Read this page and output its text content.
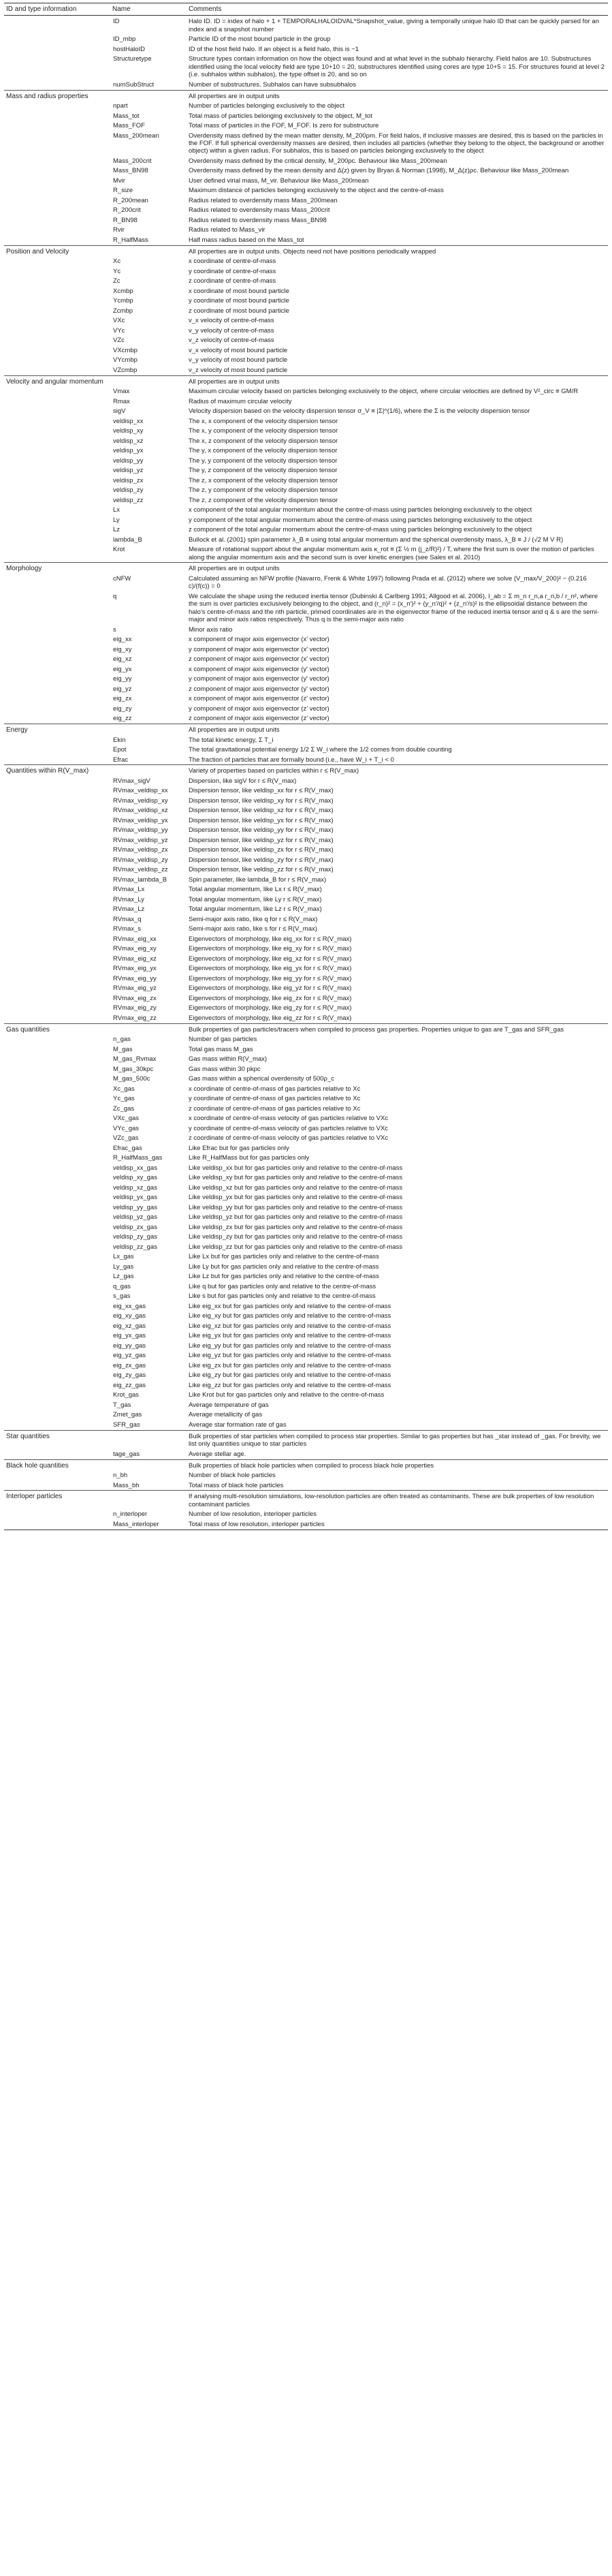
ID and type information	Name	Comments
	ID	Halo ID. ID = index of halo + 1 + TEMPORALHALOIDVAL*Snapshot_value, giving a temporally unique halo ID that can be quickly parsed for an index and a snapshot number
	ID_mbp	Particle ID of the most bound particle in the group
	hostHaloID	ID of the host field halo. If an object is a field halo, this is −1
	Structuretype	Structure types contain information on how the object was found and at what level in the subhalo hierarchy. Field halos are 10. Substructures identified using the local velocity field are type 10+10 = 20, substructures identified using cores are type 10+5 = 15. For structures found at level 2 (i.e. subhalos within subhalos), the type offset is 20, and so on
	numSubStruct	Number of substructures. Subhalos can have subsubhalos
Mass and radius properties		All properties are in output units
	npart	Number of particles belonging exclusively to the object
	Mass_tot	Total mass of particles belonging exclusively to the object, M_tot
	Mass_FOF	Total mass of particles in the FOF, M_FOF. Is zero for substructure
	Mass_200mean	Overdensity mass defined by the mean matter density, M_200ρm. For field halos, if inclusive masses are desired, this is based on the particles in the FOF. If full spherical overdensity masses are desired, then includes all particles (whether they belong to the object, the background or another object) within a given radius. For subhalos, this is based on particles belonging exclusively to the object
	Mass_200crit	Overdensity mass defined by the critical density, M_200ρc. Behaviour like Mass_200mean
	Mass_BN98	Overdensity mass defined by the mean density and Δ(z) given by Bryan & Norman (1998), M_Δ(z)ρc. Behaviour like Mass_200mean
	Mvir	User defined virial mass, M_vir. Behaviour like Mass_200mean
	R_size	Maximum distance of particles belonging exclusively to the object and the centre-of-mass
	R_200mean	Radius related to overdensity mass Mass_200mean
	R_200crit	Radius related to overdensity mass Mass_200crit
	R_BN98	Radius related to overdensity mass Mass_BN98
	Rvir	Radius related to Mass_vir
	R_HalfMass	Half mass radius based on the Mass_tot
Position and Velocity		All properties are in output units. Objects need not have positions periodically wrapped
	Xc	x coordinate of centre-of-mass
	Yc	y coordinate of centre-of-mass
	Zc	z coordinate of centre-of-mass
	Xcmbp	x coordinate of most bound particle
	Ycmbp	y coordinate of most bound particle
	Zcmbp	z coordinate of most bound particle
	VXc	v_x velocity of centre-of-mass
	VYc	v_y velocity of centre-of-mass
	VZc	v_z velocity of centre-of-mass
	VXcmbp	v_x velocity of most bound particle
	VYcmbp	v_y velocity of most bound particle
	VZcmbp	v_z velocity of most bound particle
Velocity and angular momentum		All properties are in output units
	Vmax	Maximum circular velocity based on particles belonging exclusively to the object, where circular velocities are defined by V²_circ ≡ GM/R
	Rmax	Radius of maximum circular velocity
	sigV	Velocity dispersion based on the velocity dispersion tensor σ_V ≡ |Σ|^(1/6), where the Σ is the velocity dispersion tensor
	veldisp_xx	The x, x component of the velocity dispersion tensor
	veldisp_xy	The x, y component of the velocity dispersion tensor
	veldisp_xz	The x, z component of the velocity dispersion tensor
	veldisp_yx	The y, x component of the velocity dispersion tensor
	veldisp_yy	The y, y component of the velocity dispersion tensor
	veldisp_yz	The y, z component of the velocity dispersion tensor
	veldisp_zx	The z, x component of the velocity dispersion tensor
	veldisp_zy	The z, y component of the velocity dispersion tensor
	veldisp_zz	The z, z component of the velocity dispersion tensor
	Lx	x component of the total angular momentum about the centre-of-mass using particles belonging exclusively to the object
	Ly	y component of the total angular momentum about the centre-of-mass using particles belonging exclusively to the object
	Lz	z component of the total angular momentum about the centre-of-mass using particles belonging exclusively to the object
	lambda_B	Bullock et al. (2001) spin parameter λ_B ≡ using total angular momentum and the spherical overdensity mass, λ_B ≡ J / (√2 M V R)
	Krot	Measure of rotational support about the angular momentum axis κ_rot ≡ (Σ ½ m (j_z/R)²) / T, where the first sum is over the motion of particles along the angular momentum axis and the second sum is over kinetic energies (see Sales et al. 2010)
Morphology		All properties are in output units
	cNFW	Calculated assuming an NFW profile (Navarro, Frenk & White 1997) following Prada et al. (2012) where we solve (V_max/V_200)² − (0.216 c)/(f(c)) = 0
	q	We calculate the shape using the reduced inertia tensor (Dubinski & Carlberg 1991; Allgood et al. 2006), I_ab = Σ m_n r_n,a r_n,b / r_n², where the sum is over particles exclusively belonging to the object, and (r_n)² = (x_n′)² + (y_n′/q)² + (z_n′/s)² is the ellipsoidal distance between the halo's centre-of-mass and the nth particle, primed coordinates are in the eigenvector frame of the reduced inertia tensor and q & s are the semi-major and minor axis ratios respectively. Thus q is the semi-major axis ratio
	s	Minor axis ratio
	eig_xx	x component of major axis eigenvector (x′ vector)
	eig_xy	y component of major axis eigenvector (x′ vector)
	eig_xz	z component of major axis eigenvector (x′ vector)
	eig_yx	x component of major axis eigenvector (y′ vector)
	eig_yy	y component of major axis eigenvector (y′ vector)
	eig_yz	z component of major axis eigenvector (y′ vector)
	eig_zx	x component of major axis eigenvector (z′ vector)
	eig_zy	y component of major axis eigenvector (z′ vector)
	eig_zz	z component of major axis eigenvector (z′ vector)
Energy		All properties are in output units
	Ekin	The total kinetic energy, Σ T_i
	Epot	The total gravitational potential energy 1/2 Σ W_i where the 1/2 comes from double counting
	Efrac	The fraction of particles that are formally bound (i.e., have W_i + T_i < 0
Quantities within R(V_max)		Variety of properties based on particles within r ≤ R(V_max)
	RVmax_sigV	Dispersion, like sigV for r ≤ R(V_max)
	RVmax_veldisp_xx	Dispersion tensor, like veldisp_xx for r ≤ R(V_max)
	RVmax_veldisp_xy	Dispersion tensor, like veldisp_xy for r ≤ R(V_max)
	RVmax_veldisp_xz	Dispersion tensor, like veldisp_xz for r ≤ R(V_max)
	RVmax_veldisp_yx	Dispersion tensor, like veldisp_yx for r ≤ R(V_max)
	RVmax_veldisp_yy	Dispersion tensor, like veldisp_yy for r ≤ R(V_max)
	RVmax_veldisp_yz	Dispersion tensor, like veldisp_yz for r ≤ R(V_max)
	RVmax_veldisp_zx	Dispersion tensor, like veldisp_zx for r ≤ R(V_max)
	RVmax_veldisp_zy	Dispersion tensor, like veldisp_zy for r ≤ R(V_max)
	RVmax_veldisp_zz	Dispersion tensor, like veldisp_zz for r ≤ R(V_max)
	RVmax_lambda_B	Spin parameter, like lambda_B for r ≤ R(V_max)
	RVmax_Lx	Total angular momentum, like Lx r ≤ R(V_max)
	RVmax_Ly	Total angular momentum, like Ly r ≤ R(V_max)
	RVmax_Lz	Total angular momentum, like Lz r ≤ R(V_max)
	RVmax_q	Semi-major axis ratio, like q for r ≤ R(V_max)
	RVmax_s	Semi-major axis ratio, like s for r ≤ R(V_max)
	RVmax_eig_xx	Eigenvectors of morphology, like eig_xx for r ≤ R(V_max)
	RVmax_eig_xy	Eigenvectors of morphology, like eig_xy for r ≤ R(V_max)
	RVmax_eig_xz	Eigenvectors of morphology, like eig_xz for r ≤ R(V_max)
	RVmax_eig_yx	Eigenvectors of morphology, like eig_yx for r ≤ R(V_max)
	RVmax_eig_yy	Eigenvectors of morphology, like eig_yy for r ≤ R(V_max)
	RVmax_eig_yz	Eigenvectors of morphology, like eig_yz for r ≤ R(V_max)
	RVmax_eig_zx	Eigenvectors of morphology, like eig_zx for r ≤ R(V_max)
	RVmax_eig_zy	Eigenvectors of morphology, like eig_zy for r ≤ R(V_max)
	RVmax_eig_zz	Eigenvectors of morphology, like eig_zz for r ≤ R(V_max)
Gas quantities		Bulk properties of gas particles/tracers when compiled to process gas properties. Properties unique to gas are T_gas and SFR_gas
	n_gas	Number of gas particles
	M_gas	Total gas mass M_gas
	M_gas_Rvmax	Gas mass within R(V_max)
	M_gas_30kpc	Gas mass within 30 pkpc
	M_gas_500c	Gas mass within a spherical overdensity of 500ρ_c
	Xc_gas	x coordinate of centre-of-mass of gas particles relative to Xc
	Yc_gas	y coordinate of centre-of-mass of gas particles relative to Xc
	Zc_gas	z coordinate of centre-of-mass of gas particles relative to Xc
	VXc_gas	x coordinate of centre-of-mass velocity of gas particles relative to VXc
	VYc_gas	y coordinate of centre-of-mass velocity of gas particles relative to VXc
	VZc_gas	z coordinate of centre-of-mass velocity of gas particles relative to VXc
	Efrac_gas	Like Efrac but for gas particles only
	R_HalfMass_gas	Like R_HalfMass but for gas particles only
	veldisp_xx_gas	Like veldisp_xx but for gas particles only and relative to the centre-of-mass
	veldisp_xy_gas	Like veldisp_xy but for gas particles only and relative to the centre-of-mass
	veldisp_xz_gas	Like veldisp_xz but for gas particles only and relative to the centre-of-mass
	veldisp_yx_gas	Like veldisp_yx but for gas particles only and relative to the centre-of-mass
	veldisp_yy_gas	Like veldisp_yy but for gas particles only and relative to the centre-of-mass
	veldisp_yz_gas	Like veldisp_yz but for gas particles only and relative to the centre-of-mass
	veldisp_zx_gas	Like veldisp_zx but for gas particles only and relative to the centre-of-mass
	veldisp_zy_gas	Like veldisp_zy but for gas particles only and relative to the centre-of-mass
	veldisp_zz_gas	Like veldisp_zz but for gas particles only and relative to the centre-of-mass
	Lx_gas	Like Lx but for gas particles only and relative to the centre-of-mass
	Ly_gas	Like Ly but for gas particles only and relative to the centre-of-mass
	Lz_gas	Like Lz but for gas particles only and relative to the centre-of-mass
	q_gas	Like q but for gas particles only and relative to the centre-of-mass
	s_gas	Like s but for gas particles only and relative to the centre-of-mass
	eig_xx_gas	Like eig_xx but for gas particles only and relative to the centre-of-mass
	eig_xy_gas	Like eig_xy but for gas particles only and relative to the centre-of-mass
	eig_xz_gas	Like eig_xz but for gas particles only and relative to the centre-of-mass
	eig_yx_gas	Like eig_yx but for gas particles only and relative to the centre-of-mass
	eig_yy_gas	Like eig_yy but for gas particles only and relative to the centre-of-mass
	eig_yz_gas	Like eig_yz but for gas particles only and relative to the centre-of-mass
	eig_zx_gas	Like eig_zx but for gas particles only and relative to the centre-of-mass
	eig_zy_gas	Like eig_zy but for gas particles only and relative to the centre-of-mass
	eig_zz_gas	Like eig_zz but for gas particles only and relative to the centre-of-mass
	Krot_gas	Like Krot but for gas particles only and relative to the centre-of-mass
	T_gas	Average temperature of gas
	Zmet_gas	Average metallicity of gas
	SFR_gas	Average star formation rate of gas
Star quantities		Bulk properties of star particles when compiled to process star properties. Similar to gas properties but has _star instead of _gas. For brevity, we list only quantities unique to star particles
	tage_gas	Average stellar age.
Black hole quantities		Bulk properties of black hole particles when compiled to process black hole properties
	n_bh	Number of black hole particles
	Mass_bh	Total mass of black hole particles
Interloper particles		If analysing multi-resolution simulations, low-resolution particles are often treated as contaminants. These are bulk properties of low resolution contaminant particles
	n_interloper	Number of low resolution, interloper particles
	Mass_interloper	Total mass of low resolution, interloper particles
